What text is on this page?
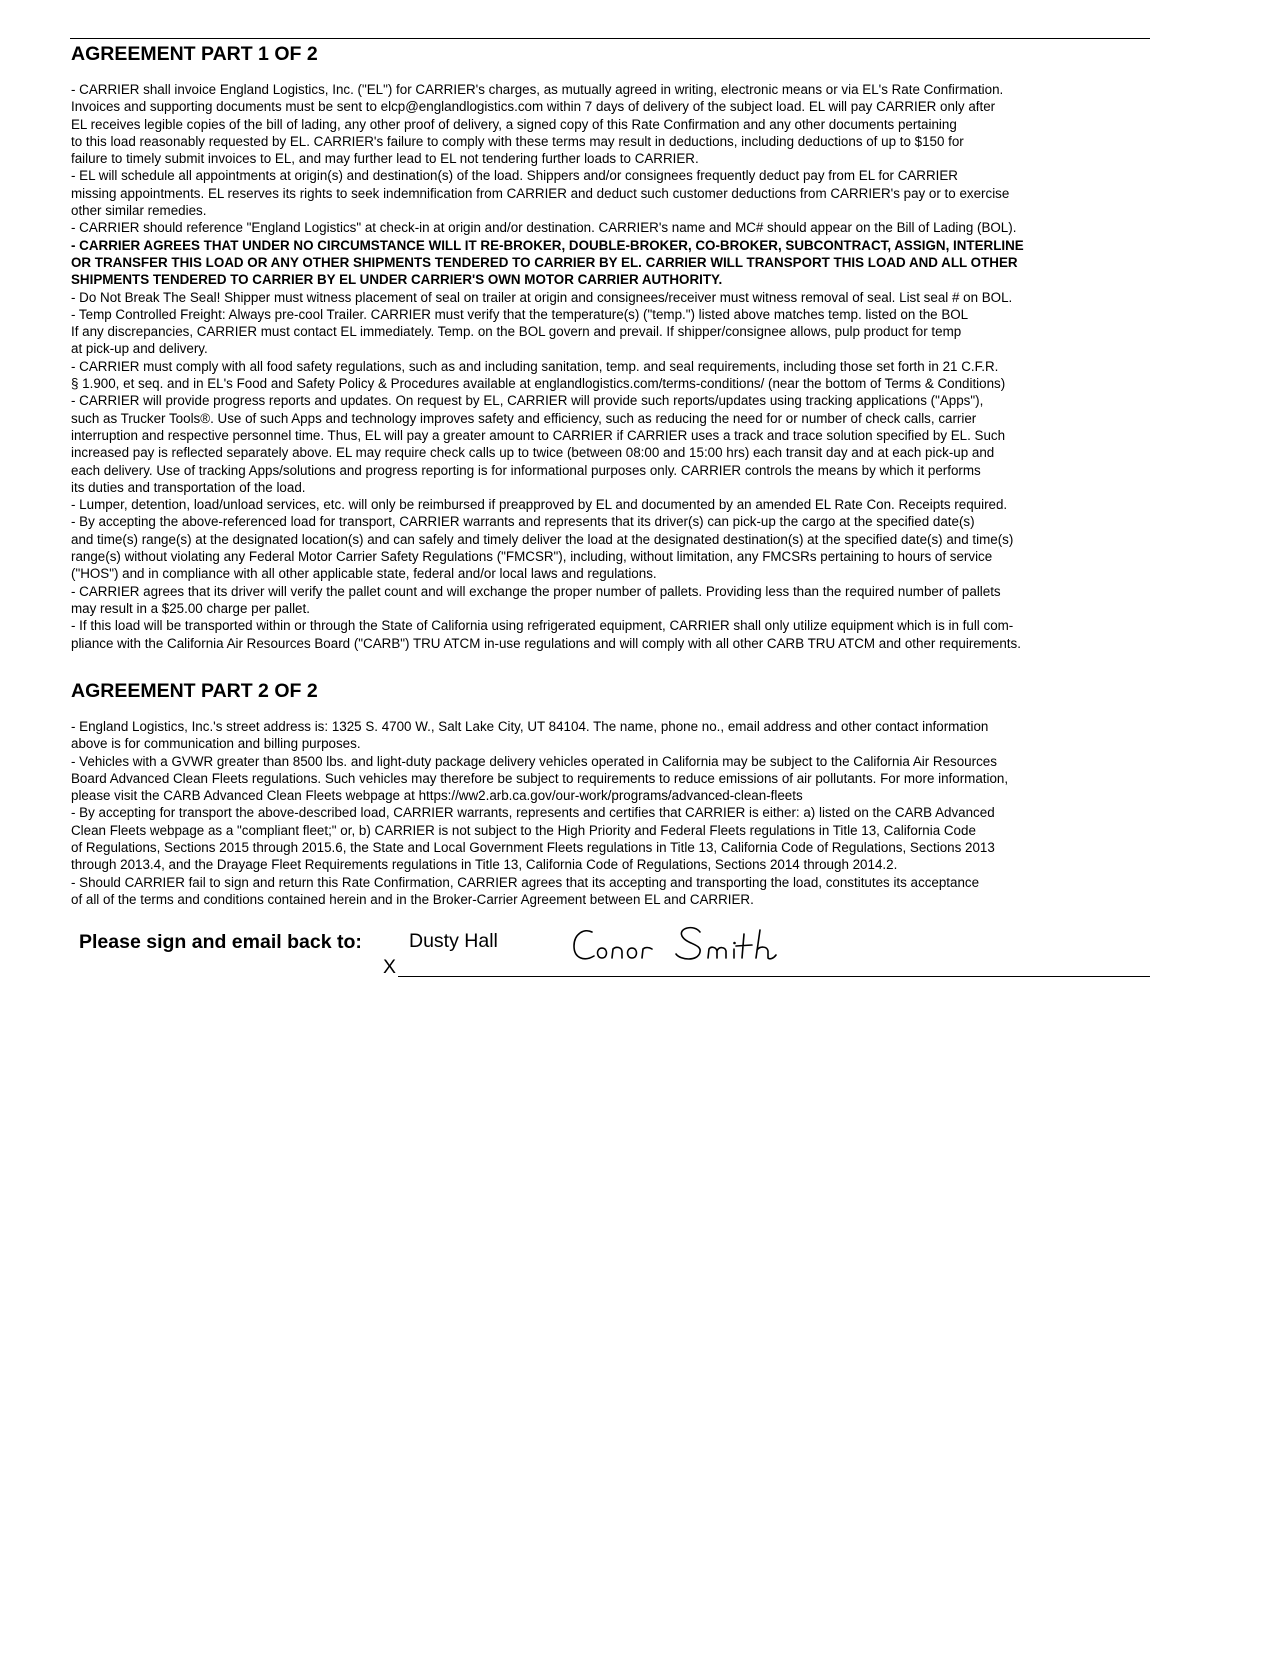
AGREEMENT PART 1 OF 2
- CARRIER shall invoice England Logistics, Inc. ("EL") for CARRIER's charges, as mutually agreed in writing, electronic means or via EL's Rate Confirmation.
Invoices and supporting documents must be sent to elcp@englandlogistics.com within 7 days of delivery of the subject load. EL will pay CARRIER only after
EL receives legible copies of the bill of lading, any other proof of delivery, a signed copy of this Rate Confirmation and any other documents pertaining
to this load reasonably requested by EL. CARRIER's failure to comply with these terms may result in deductions, including deductions of up to $150 for
failure to timely submit invoices to EL, and may further lead to EL not tendering further loads to CARRIER.
- EL will schedule all appointments at origin(s) and destination(s) of the load. Shippers and/or consignees frequently deduct pay from EL for CARRIER
missing appointments. EL reserves its rights to seek indemnification from CARRIER and deduct such customer deductions from CARRIER's pay or to exercise
other similar remedies.
- CARRIER should reference "England Logistics" at check-in at origin and/or destination. CARRIER's name and MC# should appear on the Bill of Lading (BOL).
- CARRIER AGREES THAT UNDER NO CIRCUMSTANCE WILL IT RE-BROKER, DOUBLE-BROKER, CO-BROKER, SUBCONTRACT, ASSIGN, INTERLINE
OR TRANSFER THIS LOAD OR ANY OTHER SHIPMENTS TENDERED TO CARRIER BY EL. CARRIER WILL TRANSPORT THIS LOAD AND ALL OTHER
SHIPMENTS TENDERED TO CARRIER BY EL UNDER CARRIER'S OWN MOTOR CARRIER AUTHORITY.
- Do Not Break The Seal! Shipper must witness placement of seal on trailer at origin and consignees/receiver must witness removal of seal. List seal # on BOL.
- Temp Controlled Freight: Always pre-cool Trailer. CARRIER must verify that the temperature(s) ("temp.") listed above matches temp. listed on the BOL
If any discrepancies, CARRIER must contact EL immediately. Temp. on the BOL govern and prevail. If shipper/consignee allows, pulp product for temp
at pick-up and delivery.
- CARRIER must comply with all food safety regulations, such as and including sanitation, temp. and seal requirements, including those set forth in 21 C.F.R.
§ 1.900, et seq. and in EL's Food and Safety Policy & Procedures available at englandlogistics.com/terms-conditions/ (near the bottom of Terms & Conditions)
- CARRIER will provide progress reports and updates. On request by EL, CARRIER will provide such reports/updates using tracking applications ("Apps"),
such as Trucker Tools®. Use of such Apps and technology improves safety and efficiency, such as reducing the need for or number of check calls, carrier
interruption and respective personnel time. Thus, EL will pay a greater amount to CARRIER if CARRIER uses a track and trace solution specified by EL. Such
increased pay is reflected separately above. EL may require check calls up to twice (between 08:00 and 15:00 hrs) each transit day and at each pick-up and
each delivery. Use of tracking Apps/solutions and progress reporting is for informational purposes only. CARRIER controls the means by which it performs
its duties and transportation of the load.
- Lumper, detention, load/unload services, etc. will only be reimbursed if preapproved by EL and documented by an amended EL Rate Con. Receipts required.
- By accepting the above-referenced load for transport, CARRIER warrants and represents that its driver(s) can pick-up the cargo at the specified date(s)
and time(s) range(s) at the designated location(s) and can safely and timely deliver the load at the designated destination(s) at the specified date(s) and time(s)
range(s) without violating any Federal Motor Carrier Safety Regulations ("FMCSR"), including, without limitation, any FMCSRs pertaining to hours of service
("HOS") and in compliance with all other applicable state, federal and/or local laws and regulations.
- CARRIER agrees that its driver will verify the pallet count and will exchange the proper number of pallets. Providing less than the required number of pallets
may result in a $25.00 charge per pallet.
- If this load will be transported within or through the State of California using refrigerated equipment, CARRIER shall only utilize equipment which is in full com-
pliance with the California Air Resources Board ("CARB") TRU ATCM in-use regulations and will comply with all other CARB TRU ATCM and other requirements.
AGREEMENT PART 2 OF 2
- England Logistics, Inc.'s street address is: 1325 S. 4700 W., Salt Lake City, UT 84104. The name, phone no., email address and other contact information
above is for communication and billing purposes.
- Vehicles with a GVWR greater than 8500 lbs. and light-duty package delivery vehicles operated in California may be subject to the California Air Resources
Board Advanced Clean Fleets regulations. Such vehicles may therefore be subject to requirements to reduce emissions of air pollutants. For more information,
please visit the CARB Advanced Clean Fleets webpage at https://ww2.arb.ca.gov/our-work/programs/advanced-clean-fleets
- By accepting for transport the above-described load, CARRIER warrants, represents and certifies that CARRIER is either: a) listed on the CARB Advanced
Clean Fleets webpage as a "compliant fleet;" or, b) CARRIER is not subject to the High Priority and Federal Fleets regulations in Title 13, California Code
of Regulations, Sections 2015 through 2015.6, the State and Local Government Fleets regulations in Title 13, California Code of Regulations, Sections 2013
through 2013.4, and the Drayage Fleet Requirements regulations in Title 13, California Code of Regulations, Sections 2014 through 2014.2.
- Should CARRIER fail to sign and return this Rate Confirmation, CARRIER agrees that its accepting and transporting the load, constitutes its acceptance
of all of the terms and conditions contained herein and in the Broker-Carrier Agreement between EL and CARRIER.
Please sign and email back to: Dusty Hall
X
